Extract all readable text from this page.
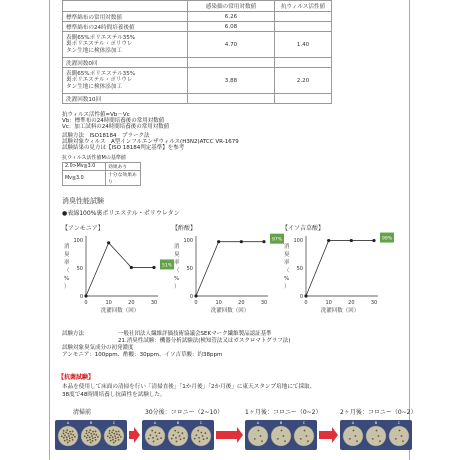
	感染価の常用対数値	抗ウィルス活性値
標準綿布の常用対数値	6.26	
標準綿布の24時間培養後値	6.08	
表側65%ポリエステル35%
裏ポリエステル・ポリウレ
タン生地に検体添加工	4.70	1.40
洗濯回数0回		
表側65%ポリエステル35%
裏ポリエステル・ポリウレ
タン生地に検体添加工	3.88	2.20
洗濯回数10回		
抗ウィルス活性値=Vb－Vc
Vb：標準布の24時間培養後の常用対数値
Vc：加工試料の24時間培養後の常用対数値
試験方法　ISO18184　プラーク法
試験対象ウィルス　A型インフルエンザウィルス(H3N2)ATCC VR-1679
試験結果の見方は【ISO 18184判定基準】を参考
抗ウィルス活性値Mの基準値
2.0>Mv≧3.0	効果あり
Mv≧3.0	十分な効果あり
消臭性能試験
●表綿100%裏ポリエステル・ポリウレタン
【アンモニア】
消
臭
率
（
%
）
100
50
0
0	10	20	30
51%
洗濯回数（回）
【酢酸】
消
臭
率
（
%
）
100
50
0
0	10	20	30
97%
洗濯回数（回）
【イソ吉草酸】
消
臭
率
（
%
）
100
50
0
0	10	20	30
99%
洗濯回数（回）
試験方法	一般社団法人繊維評価技術協議会SEKマーク繊維製品認証基準
21.消臭性試験：機器分析試験法(検知管法又はガスクロマトグラフ法)
試験対象臭気成分の初発濃度
アンモニア：100ppm、酢酸：30ppm、イソ吉草酸：約38ppm
【抗菌試験】
本品を使用して床面の清掃を行い「清掃直後」「1か月後」「2か月後」に東天スタンプ培地にて採取、
38度で48時間培養し抗菌性を試験した。
清掃前	30分後：コロニー（2~10）	1ヶ月後：コロニー（0~2）	2ヶ月後：コロニー（0~2）
A	B	C	A	B	C	A	B	C	A	B	C
